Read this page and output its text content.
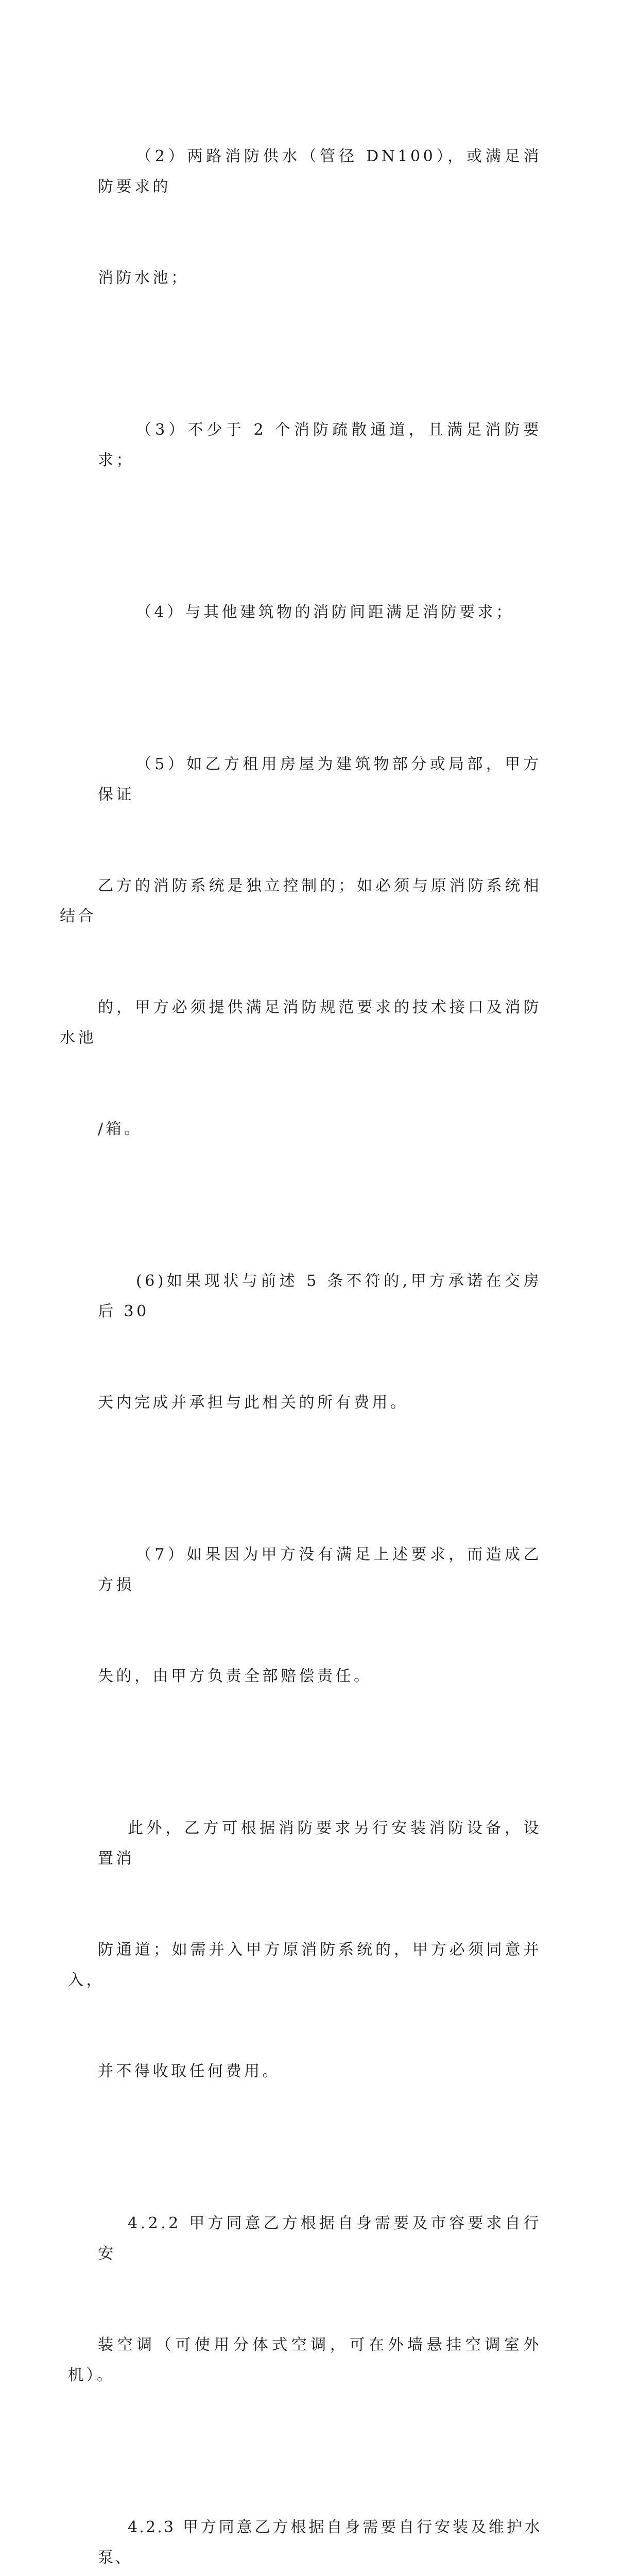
（2）两路消防供水（管径 DN100），或满足消防要求的

消防水池；

（3）不少于 2 个消防疏散通道，且满足消防要求；

（4）与其他建筑物的消防间距满足消防要求；

（5）如乙方租用房屋为建筑物部分或局部，甲方保证

乙方的消防系统是独立控制的；如必须与原消防系统相结合

的，甲方必须提供满足消防规范要求的技术接口及消防水池

/箱。

(6)如果现状与前述 5 条不符的,甲方承诺在交房后 30

天内完成并承担与此相关的所有费用。

（7）如果因为甲方没有满足上述要求，而造成乙方损

失的，由甲方负责全部赔偿责任。

此外，乙方可根据消防要求另行安装消防设备，设置消

防通道；如需并入甲方原消防系统的，甲方必须同意并入，

并不得收取任何费用。

4.2.2 甲方同意乙方根据自身需要及市容要求自行安

装空调（可使用分体式空调，可在外墙悬挂空调室外机）。

4.2.3 甲方同意乙方根据自身需要自行安装及维护水泵、
